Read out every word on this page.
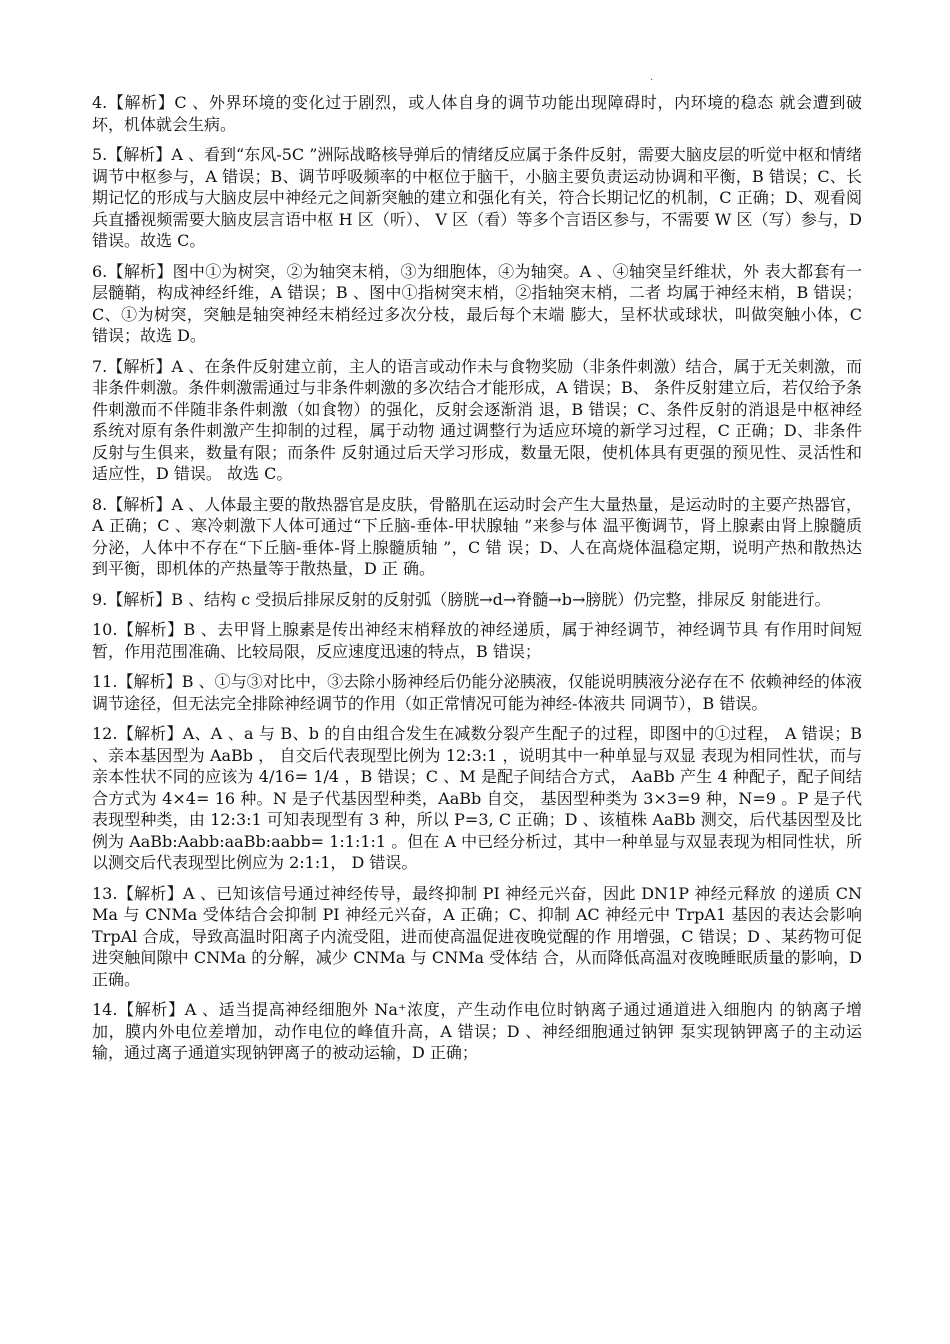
.

4.【解析】C 、外界环境的变化过于剧烈，或人体自身的调节功能出现障碍时，内环境的稳态 就会遭到破坏，机体就会生病。

5.【解析】A 、看到“东风-5C ”洲际战略核导弹后的情绪反应属于条件反射，需要大脑皮层的听觉中枢和情绪调节中枢参与，A 错误；B、调节呼吸频率的中枢位于脑干，小脑主要负责运动协调和平衡，B 错误；C、长期记忆的形成与大脑皮层中神经元之间新突触的建立和强化有关，符合长期记忆的机制，C 正确；D、观看阅兵直播视频需要大脑皮层言语中枢 H 区（听）、 V 区（看）等多个言语区参与，不需要 W 区（写）参与，D 错误。故选 C。

6.【解析】图中①为树突，②为轴突末梢，③为细胞体，④为轴突。A 、④轴突呈纤维状，外 表大都套有一层髓鞘，构成神经纤维，A 错误；B 、图中①指树突末梢，②指轴突末梢，二者 均属于神经末梢，B 错误；C、①为树突，突触是轴突神经末梢经过多次分枝，最后每个末端 膨大，呈杯状或球状，叫做突触小体，C 错误；故选 D。

7.【解析】A 、在条件反射建立前，主人的语言或动作未与食物奖励（非条件刺激）结合，属于无关刺激，而非条件刺激。条件刺激需通过与非条件刺激的多次结合才能形成，A 错误；B、 条件反射建立后，若仅给予条件刺激而不伴随非条件刺激（如食物）的强化，反射会逐渐消 退，B 错误；C、条件反射的消退是中枢神经系统对原有条件刺激产生抑制的过程，属于动物 通过调整行为适应环境的新学习过程，C 正确；D、非条件反射与生俱来，数量有限；而条件 反射通过后天学习形成，数量无限，使机体具有更强的预见性、灵活性和适应性，D 错误。 故选 C。

8.【解析】A 、人体最主要的散热器官是皮肤，骨骼肌在运动时会产生大量热量，是运动时的主要产热器官，A 正确；C 、寒冷刺激下人体可通过“下丘脑-垂体-甲状腺轴 ”来参与体 温平衡调节，肾上腺素由肾上腺髓质分泌，人体中不存在“下丘脑-垂体-肾上腺髓质轴 ”，C 错 误；D、人在高烧体温稳定期，说明产热和散热达到平衡，即机体的产热量等于散热量，D 正 确。

9.【解析】B 、结构 c 受损后排尿反射的反射弧（膀胱→d→脊髓→b→膀胱）仍完整，排尿反 射能进行。

10.【解析】B 、去甲肾上腺素是传出神经末梢释放的神经递质，属于神经调节，神经调节具 有作用时间短暂，作用范围准确、比较局限，反应速度迅速的特点，B 错误；

11.【解析】B 、①与③对比中，③去除小肠神经后仍能分泌胰液，仅能说明胰液分泌存在不 依赖神经的体液调节途径，但无法完全排除神经调节的作用（如正常情况可能为神经-体液共 同调节），B 错误。

12.【解析】A、A 、a 与 B、b 的自由组合发生在减数分裂产生配子的过程，即图中的①过程， A 错误；B 、亲本基因型为 AaBb ， 自交后代表现型比例为 12:3:1 ，说明其中一种单显与双显 表现为相同性状，而与亲本性状不同的应该为 4/16= 1/4 ，B 错误；C 、M 是配子间结合方式， AaBb 产生 4 种配子，配子间结合方式为 4×4= 16 种。N 是子代基因型种类，AaBb 自交， 基因型种类为 3×3=9 种，N=9 。P 是子代表现型种类，由 12:3:1 可知表现型有 3 种，所以 P=3, C 正确；D 、该植株 AaBb 测交，后代基因型及比例为 AaBb:Aabb:aaBb:aabb= 1:1:1:1 。但在 A 中已经分析过，其中一种单显与双显表现为相同性状，所以测交后代表现型比例应为 2:1:1， D 错误。

13.【解析】A 、已知该信号通过神经传导，最终抑制 PI 神经元兴奋，因此 DN1P 神经元释放 的递质 CNMa 与 CNMa 受体结合会抑制 PI 神经元兴奋，A 正确；C、抑制 AC 神经元中 TrpA1 基因的表达会影响 TrpAl 合成，导致高温时阳离子内流受阻，进而使高温促进夜晚觉醒的作 用增强，C 错误；D 、某药物可促进突触间隙中 CNMa 的分解，减少 CNMa 与 CNMa 受体结 合，从而降低高温对夜晚睡眠质量的影响，D 正确。

14.【解析】A 、适当提高神经细胞外 Na⁺浓度，产生动作电位时钠离子通过通道进入细胞内 的钠离子增加，膜内外电位差增加，动作电位的峰值升高，A 错误；D 、神经细胞通过钠钾 泵实现钠钾离子的主动运输，通过离子通道实现钠钾离子的被动运输，D 正确；
